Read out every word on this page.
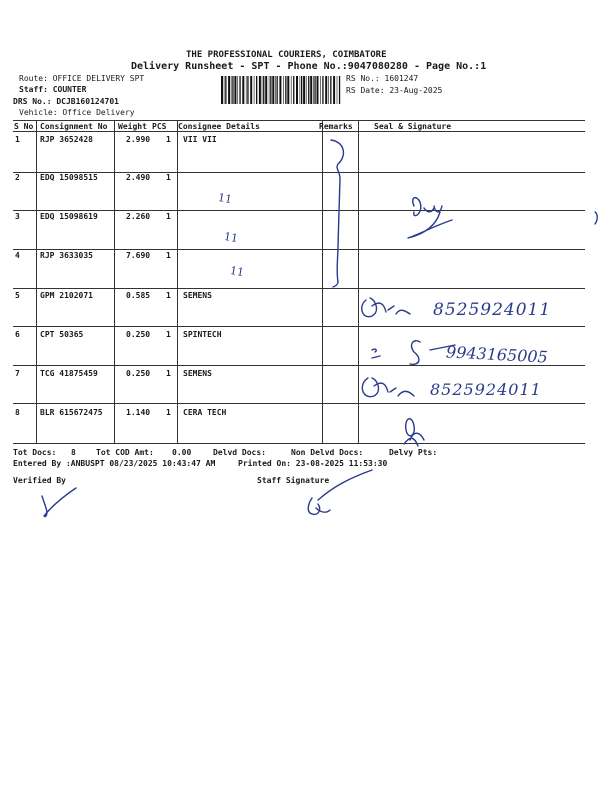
THE PROFESSIONAL COURIERS, COIMBATORE
Delivery Runsheet - SPT - Phone No.:9047080280 - Page No.:1
Route: OFFICE DELIVERY SPT
Staff: COUNTER
DRS No.: DCJB160124701
Vehicle: Office Delivery
RS No.: 1601247
RS Date: 23-Aug-2025
S No Consignment No Weight PCS Consignee Details	Remarks	Seal & Signature
1	RJP 3652428	2.990 1 VII VII
2	EDQ 15098515	2.490 1
3	EDQ 15098619	2.260 1
4	RJP 3633035	7.690 1
5	GPM 2102071	0.585 1 SEMENS
6	CPT 50365	0.250 1 SPINTECH
7	TCG 41875459	0.250 1 SEMENS
8	BLR 615672475	1.140 1 CERA TECH
11
11
11
8525924011
9943165005
8525924011
Tot Docs: 8	Tot COD Amt: 0.00	Delvd Docs:	Non Delvd Docs:	Delvy Pts:
Entered By :ANBUSPT 08/23/2025 10:43:47 AM	Printed On: 23-08-2025 11:53:30
Verified By	Staff Signature
